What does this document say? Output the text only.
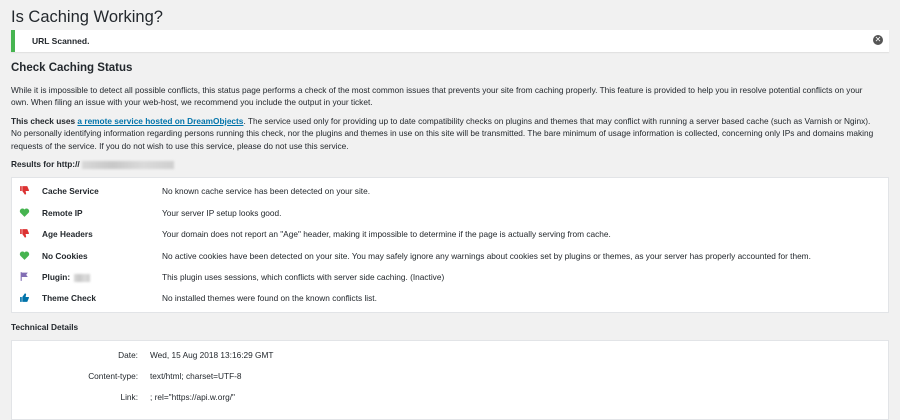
Is Caching Working?
URL Scanned.	✕
Check Caching Status

While it is impossible to detect all possible conflicts, this status page performs a check of the most common issues that prevents your site from caching properly. This feature is provided to help you in resolve potential conflicts on your own. When filing an issue with your web-host, we recommend you include the output in your ticket.

This check uses a remote service hosted on DreamObjects. The service used only for providing up to date compatibility checks on plugins and themes that may conflict with running a server based cache (such as Varnish or Nginx). No personally identifying information regarding persons running this check, nor the plugins and themes in use on this site will be transmitted. The bare minimum of usage information is collected, concerning only IPs and domains making requests of the service. If you do not wish to use this service, please do not use this service.

Results for http://
Cache Service	No known cache service has been detected on your site.
Remote IP	Your server IP setup looks good.
Age Headers	Your domain does not report an "Age" header, making it impossible to determine if the page is actually serving from cache.
No Cookies	No active cookies have been detected on your site. You may safely ignore any warnings about cookies set by plugins or themes, as your server has properly accounted for them.
Plugin:	This plugin uses sessions, which conflicts with server side caching. (Inactive)
Theme Check	No installed themes were found on the known conflicts list.
Technical Details
Date: Wed, 15 Aug 2018 13:16:29 GMT
Content-type: text/html; charset=UTF-8
Link: ; rel="https://api.w.org/"
